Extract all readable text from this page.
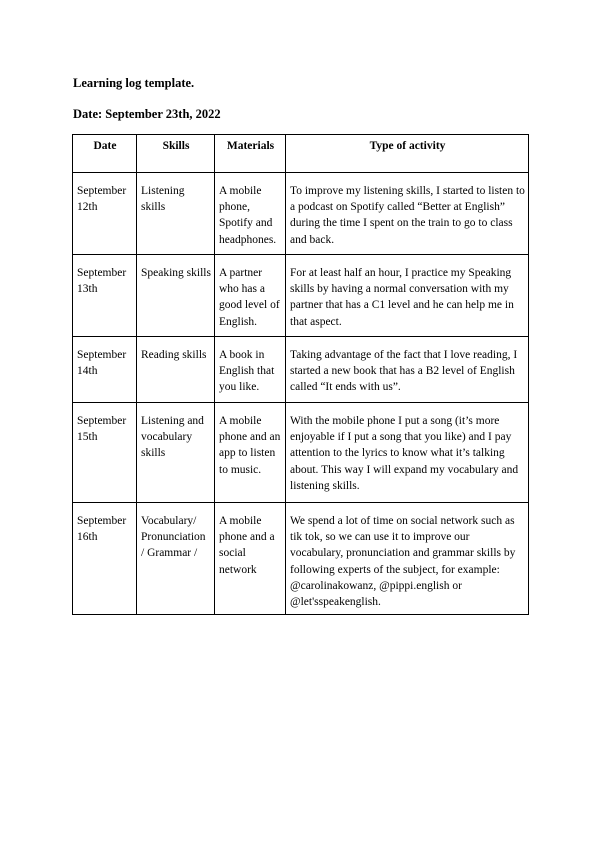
Learning log template.
Date: September 23th, 2022
Date	Skills	Materials	Type of activity
September 12th	Listening skills	A mobile phone, Spotify and headphones.	To improve my listening skills, I started to listen to a podcast on Spotify called “Better at English” during the time I spent on the train to go to class and back.
September 13th	Speaking skills	A partner who has a good level of English.	For at least half an hour, I practice my Speaking skills by having a normal conversation with my partner that has a C1 level and he can help me in that aspect.
September 14th	Reading skills	A book in English that you like.	Taking advantage of the fact that I love reading, I started a new book that has a B2 level of English called “It ends with us”.
September 15th	Listening and vocabulary skills	A mobile phone and an app to listen to music.	With the mobile phone I put a song (it’s more enjoyable if I put a song that you like) and I pay attention to the lyrics to know what it’s talking about. This way I will expand my vocabulary and listening skills.
September 16th	Vocabulary/ Pronunciation / Grammar /	A mobile phone and a social network	We spend a lot of time on social network such as tik tok, so we can use it to improve our vocabulary, pronunciation and grammar skills by following experts of the subject, for example: @carolinakowanz, @pippi.english or @let'sspeakenglish.
